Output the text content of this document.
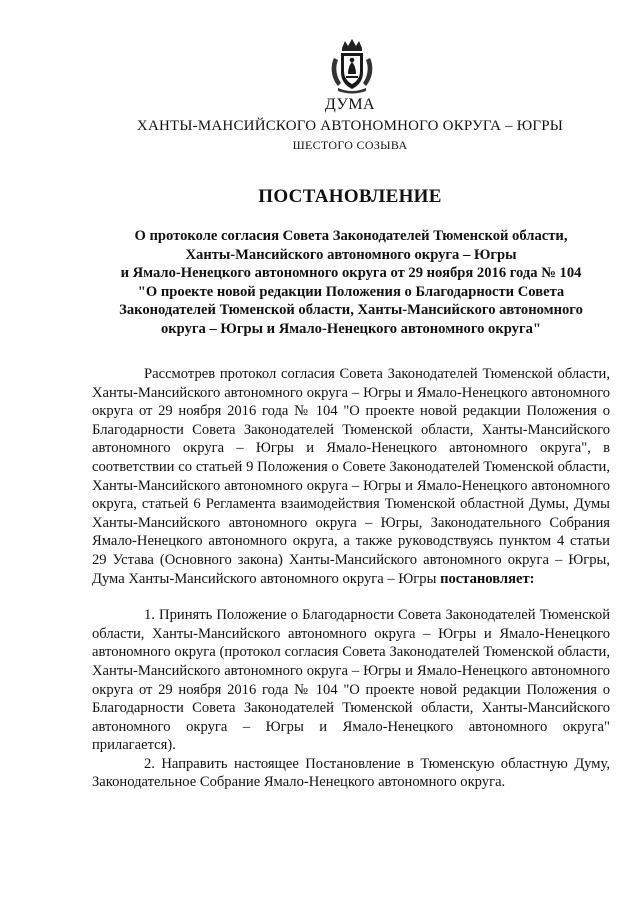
ДУМА
ХАНТЫ-МАНСИЙСКОГО АВТОНОМНОГО ОКРУГА – ЮГРЫ
ШЕСТОГО СОЗЫВА
ПОСТАНОВЛЕНИЕ
О протоколе согласия Совета Законодателей Тюменской области,
Ханты-Мансийского автономного округа – Югры
и Ямало-Ненецкого автономного округа от 29 ноября 2016 года № 104
"О проекте новой редакции Положения о Благодарности Совета
Законодателей Тюменской области, Ханты-Мансийского автономного
округа – Югры и Ямало-Ненецкого автономного округа"

Рассмотрев протокол согласия Совета Законодателей Тюменской области, Ханты-Мансийского автономного округа – Югры и Ямало-Ненецкого автономного округа от 29 ноября 2016 года № 104 "О проекте новой редакции Положения о Благодарности Совета Законодателей Тюменской области, Ханты-Мансийского автономного округа – Югры и Ямало-Ненецкого автономного округа", в соответствии со статьей 9 Положения о Совете Законодателей Тюменской области, Ханты-Мансийского автономного округа – Югры и Ямало-Ненецкого автономного округа, статьей 6 Регламента взаимодействия Тюменской областной Думы, Думы Ханты-Мансийского автономного округа – Югры, Законодательного Собрания Ямало-Ненецкого автономного округа, а также руководствуясь пунктом 4 статьи 29 Устава (Основного закона) Ханты-Мансийского автономного округа – Югры, Дума Ханты-Мансийского автономного округа – Югры постановляет:

1. Принять Положение о Благодарности Совета Законодателей Тюменской области, Ханты-Мансийского автономного округа – Югры и Ямало-Ненецкого автономного округа (протокол согласия Совета Законодателей Тюменской области, Ханты-Мансийского автономного округа – Югры и Ямало-Ненецкого автономного округа от 29 ноября 2016 года № 104 "О проекте новой редакции Положения о Благодарности Совета Законодателей Тюменской области, Ханты-Мансийского автономного округа – Югры и Ямало-Ненецкого автономного округа" прилагается).

2. Направить настоящее Постановление в Тюменскую областную Думу, Законодательное Собрание Ямало-Ненецкого автономного округа.
